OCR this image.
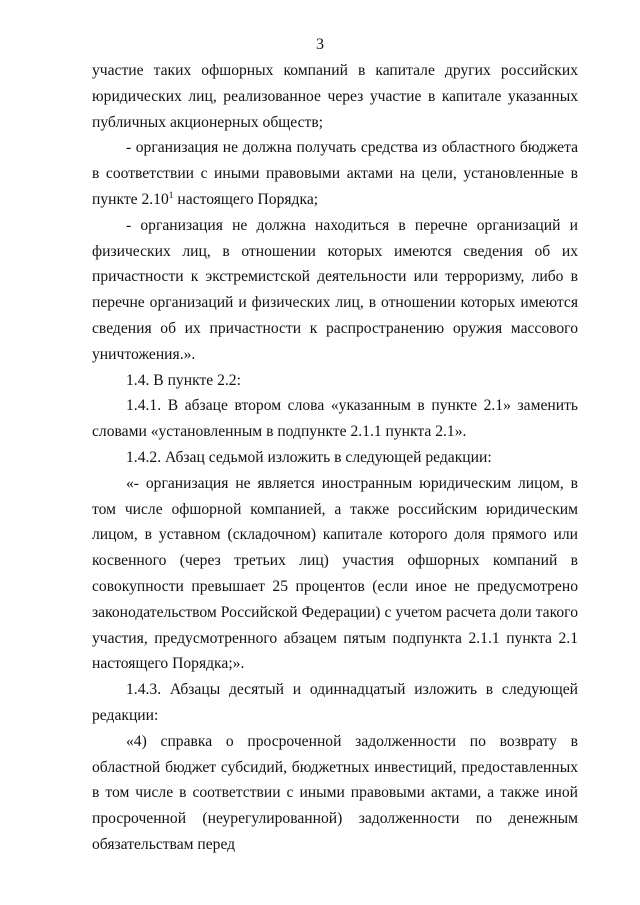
3

участие таких офшорных компаний в капитале других российских юридических лиц, реализованное через участие в капитале указанных публичных акционерных обществ;

- организация не должна получать средства из областного бюджета в соответствии с иными правовыми актами на цели, установленные в пункте 2.10$^1$ настоящего Порядка;

- организация не должна находиться в перечне организаций и физических лиц, в отношении которых имеются сведения об их причастности к экстремистской деятельности или терроризму, либо в перечне организаций и физических лиц, в отношении которых имеются сведения об их причастности к распространению оружия массового уничтожения.».

1.4. В пункте 2.2:

1.4.1. В абзаце втором слова «указанным в пункте 2.1» заменить словами «установленным в подпункте 2.1.1 пункта 2.1».

1.4.2. Абзац седьмой изложить в следующей редакции:

«- организация не является иностранным юридическим лицом, в том числе офшорной компанией, а также российским юридическим лицом, в уставном (складочном) капитале которого доля прямого или косвенного (через третьих лиц) участия офшорных компаний в совокупности превышает 25 процентов (если иное не предусмотрено законодательством Российской Федерации) с учетом расчета доли такого участия, предусмотренного абзацем пятым подпункта 2.1.1 пункта 2.1 настоящего Порядка;».

1.4.3. Абзацы десятый и одиннадцатый изложить в следующей редакции:

«4) справка о просроченной задолженности по возврату в областной бюджет субсидий, бюджетных инвестиций, предоставленных в том числе в соответствии с иными правовыми актами, а также иной просроченной (неурегулированной) задолженности по денежным обязательствам перед
